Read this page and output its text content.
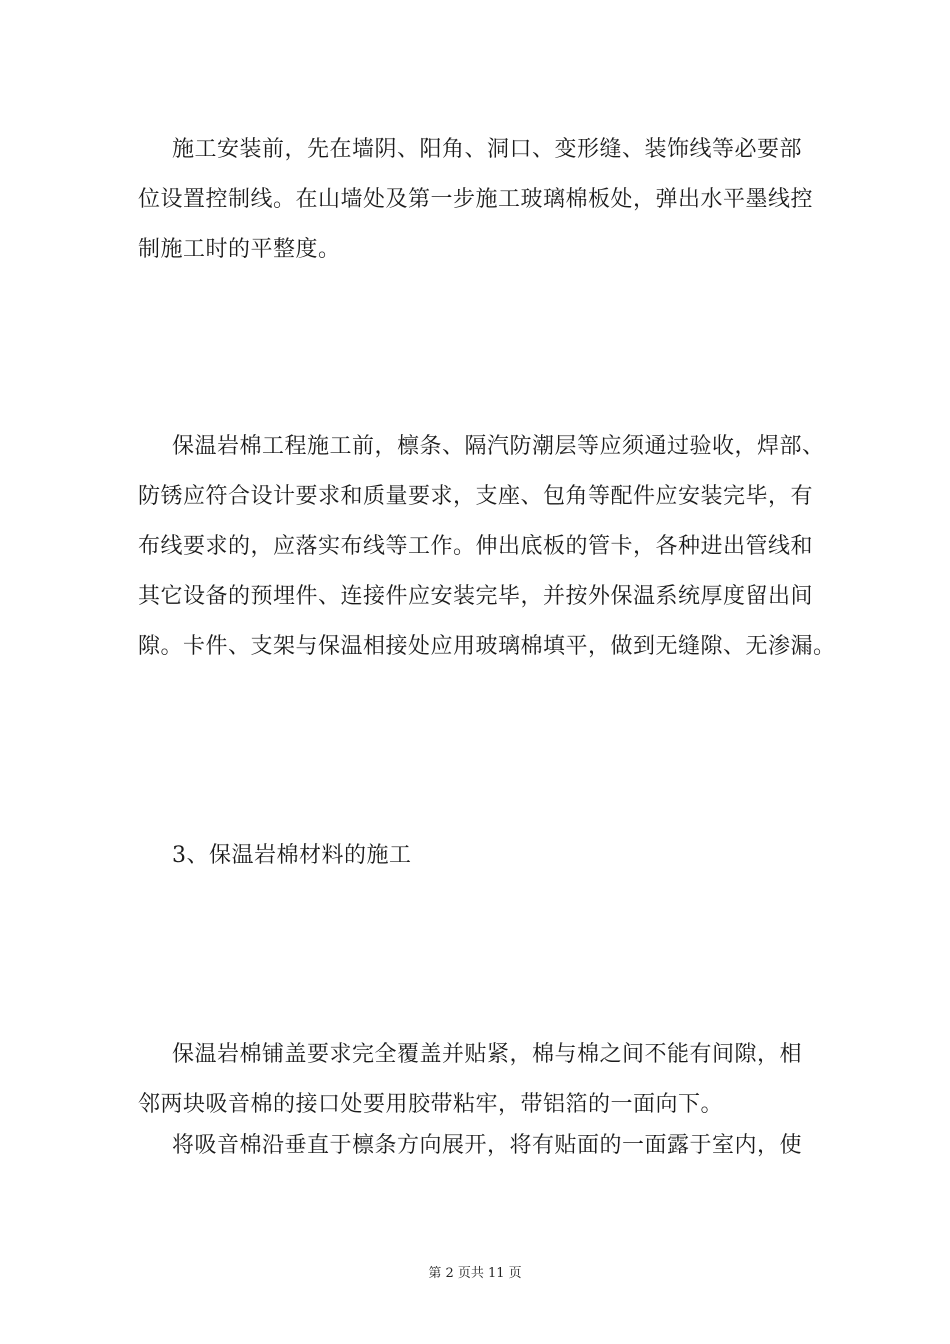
施工安装前，先在墙阴、阳角、洞口、变形缝、装饰线等必要部
位设置控制线。在山墙处及第一步施工玻璃棉板处，弹出水平墨线控
制施工时的平整度。
保温岩棉工程施工前，檩条、隔汽防潮层等应须通过验收，焊部、
防锈应符合设计要求和质量要求，支座、包角等配件应安装完毕，有
布线要求的，应落实布线等工作。伸出底板的管卡，各种进出管线和
其它设备的预埋件、连接件应安装完毕，并按外保温系统厚度留出间
隙。卡件、支架与保温相接处应用玻璃棉填平，做到无缝隙、无渗漏。
3、保温岩棉材料的施工
保温岩棉铺盖要求完全覆盖并贴紧，棉与棉之间不能有间隙，相
邻两块吸音棉的接口处要用胶带粘牢，带铝箔的一面向下。
将吸音棉沿垂直于檩条方向展开，将有贴面的一面露于室内，使
第 2 页共 11 页
